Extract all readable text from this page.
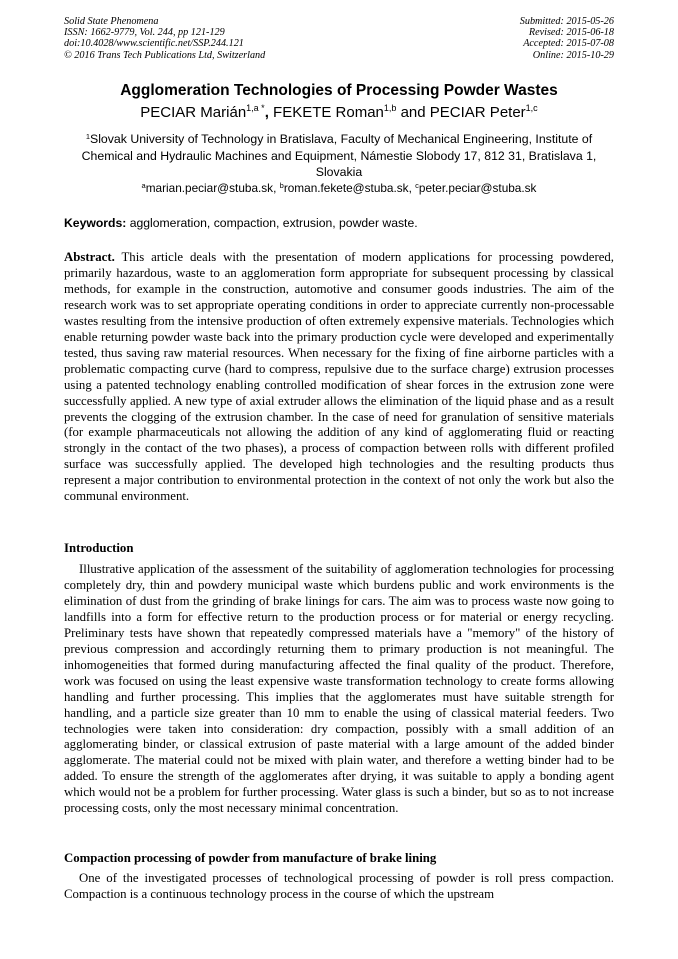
Solid State Phenomena
ISSN: 1662-9779, Vol. 244, pp 121-129
doi:10.4028/www.scientific.net/SSP.244.121
© 2016 Trans Tech Publications Ltd, Switzerland
Submitted: 2015-05-26
Revised: 2015-06-18
Accepted: 2015-07-08
Online: 2015-10-29
Agglomeration Technologies of Processing Powder Wastes
PECIAR Marián$^{1,a *}$, FEKETE Roman$^{1,b}$ and PECIAR Peter$^{1,c}$
$^1$Slovak University of Technology in Bratislava, Faculty of Mechanical Engineering, Institute of Chemical and Hydraulic Machines and Equipment, Námestie Slobody 17, 812 31, Bratislava 1, Slovakia
$^a$marian.peciar@stuba.sk, $^b$roman.fekete@stuba.sk, $^c$peter.peciar@stuba.sk
Keywords: agglomeration, compaction, extrusion, powder waste.

Abstract. This article deals with the presentation of modern applications for processing powdered, primarily hazardous, waste to an agglomeration form appropriate for subsequent processing by classical methods, for example in the construction, automotive and consumer goods industries. The aim of the research work was to set appropriate operating conditions in order to appreciate currently non-processable wastes resulting from the intensive production of often extremely expensive materials. Technologies which enable returning powder waste back into the primary production cycle were developed and experimentally tested, thus saving raw material resources. When necessary for the fixing of fine airborne particles with a problematic compacting curve (hard to compress, repulsive due to the surface charge) extrusion processes using a patented technology enabling controlled modification of shear forces in the extrusion zone were successfully applied. A new type of axial extruder allows the elimination of the liquid phase and as a result prevents the clogging of the extrusion chamber. In the case of need for granulation of sensitive materials (for example pharmaceuticals not allowing the addition of any kind of agglomerating fluid or reacting strongly in the contact of the two phases), a process of compaction between rolls with different profiled surface was successfully applied. The developed high technologies and the resulting products thus represent a major contribution to environmental protection in the context of not only the work but also the communal environment.

Introduction

Illustrative application of the assessment of the suitability of agglomeration technologies for processing completely dry, thin and powdery municipal waste which burdens public and work environments is the elimination of dust from the grinding of brake linings for cars. The aim was to process waste now going to landfills into a form for effective return to the production process or for material or energy recycling. Preliminary tests have shown that repeatedly compressed materials have a "memory" of the history of previous compression and accordingly returning them to primary production is not meaningful. The inhomogeneities that formed during manufacturing affected the final quality of the product. Therefore, work was focused on using the least expensive waste transformation technology to create forms allowing handling and further processing. This implies that the agglomerates must have suitable strength for handling, and a particle size greater than 10 mm to enable the using of classical material feeders. Two technologies were taken into consideration: dry compaction, possibly with a small addition of an agglomerating binder, or classical extrusion of paste material with a large amount of the added binder agglomerate. The material could not be mixed with plain water, and therefore a wetting binder had to be added. To ensure the strength of the agglomerates after drying, it was suitable to apply a bonding agent which would not be a problem for further processing. Water glass is such a binder, but so as to not increase processing costs, only the most necessary minimal concentration.

Compaction processing of powder from manufacture of brake lining

One of the investigated processes of technological processing of powder is roll press compaction. Compaction is a continuous technology process in the course of which the upstream
